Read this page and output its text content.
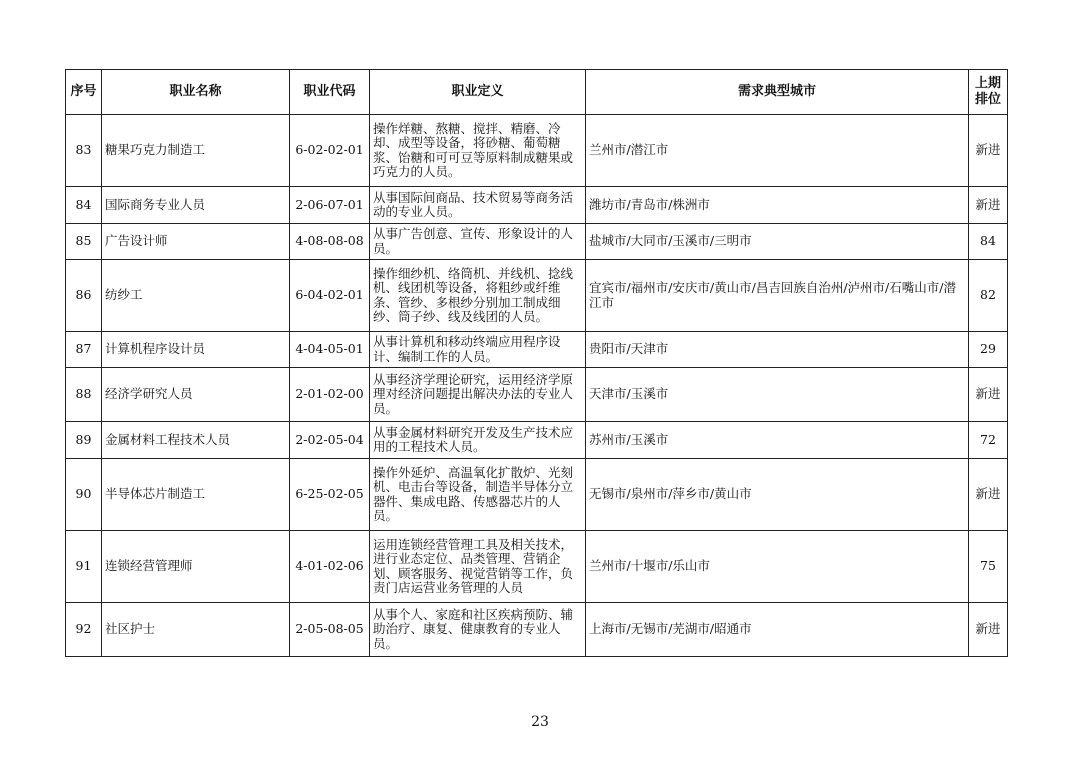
序号	职业名称	职业代码	职业定义	需求典型城市	上期排位
83	糖果巧克力制造工	6-02-02-01	操作烊糖、熬糖、搅拌、精磨、冷却、成型等设备，将砂糖、葡萄糖浆、饴糖和可可豆等原料制成糖果或巧克力的人员。	兰州市/潜江市	新进
84	国际商务专业人员	2-06-07-01	从事国际间商品、技术贸易等商务活动的专业人员。	潍坊市/青岛市/株洲市	新进
85	广告设计师	4-08-08-08	从事广告创意、宣传、形象设计的人员。	盐城市/大同市/玉溪市/三明市	84
86	纺纱工	6-04-02-01	操作细纱机、络筒机、并线机、捻线机、线团机等设备，将粗纱或纤维条、管纱、多根纱分别加工制成细纱、筒子纱、线及线团的人员。	宜宾市/福州市/安庆市/黄山市/昌吉回族自治州/泸州市/石嘴山市/潜江市	82
87	计算机程序设计员	4-04-05-01	从事计算机和移动终端应用程序设计、编制工作的人员。	贵阳市/天津市	29
88	经济学研究人员	2-01-02-00	从事经济学理论研究，运用经济学原理对经济问题提出解决办法的专业人员。	天津市/玉溪市	新进
89	金属材料工程技术人员	2-02-05-04	从事金属材料研究开发及生产技术应用的工程技术人员。	苏州市/玉溪市	72
90	半导体芯片制造工	6-25-02-05	操作外延炉、高温氧化扩散炉、光刻机、电击台等设备，制造半导体分立器件、集成电路、传感器芯片的人员。	无锡市/泉州市/萍乡市/黄山市	新进
91	连锁经营管理师	4-01-02-06	运用连锁经营管理工具及相关技术，进行业态定位、品类管理、营销企划、顾客服务、视觉营销等工作，负责门店运营业务管理的人员	兰州市/十堰市/乐山市	75
92	社区护士	2-05-08-05	从事个人、家庭和社区疾病预防、辅助治疗、康复、健康教育的专业人员。	上海市/无锡市/芜湖市/昭通市	新进
23
